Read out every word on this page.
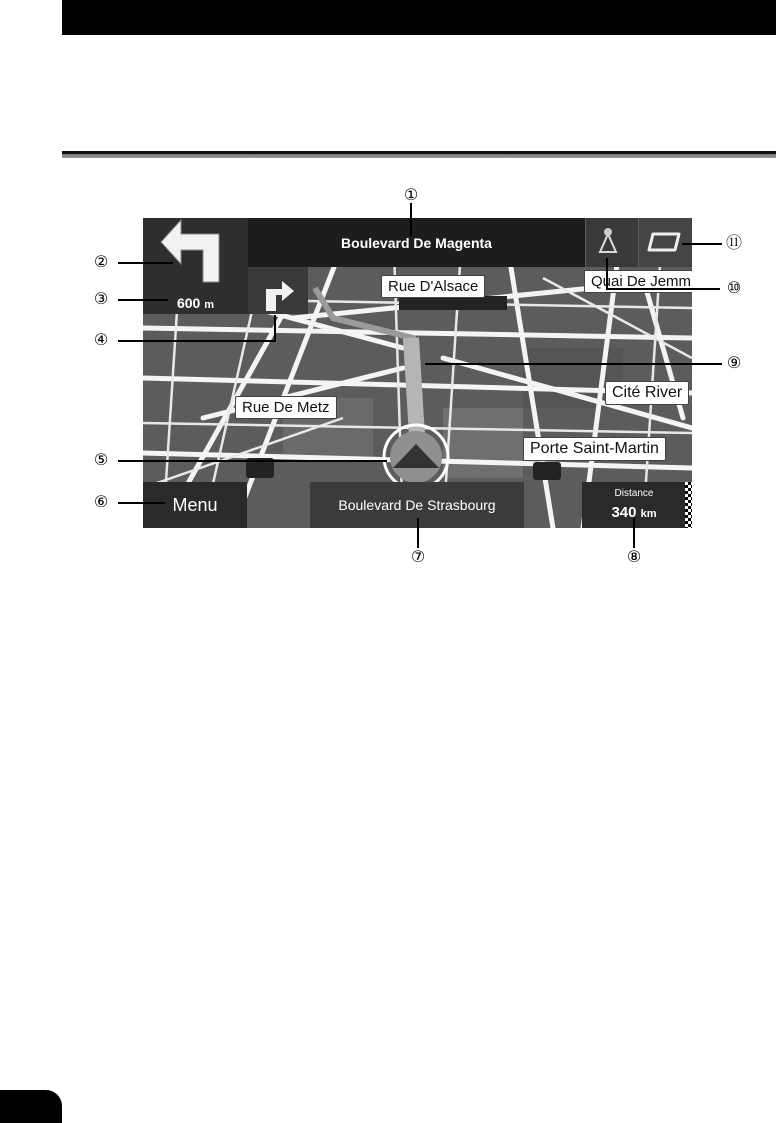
600 m
Boulevard De Magenta
Rue D'Alsace	Quai De Jemm
Rue De Metz
Cité River
Porte Saint-Martin
Menu	Boulevard De Strasbourg
Distance
340 km
①
②
③
④
⑤
⑥
⑦	⑧
⑨
⑩
⑪
